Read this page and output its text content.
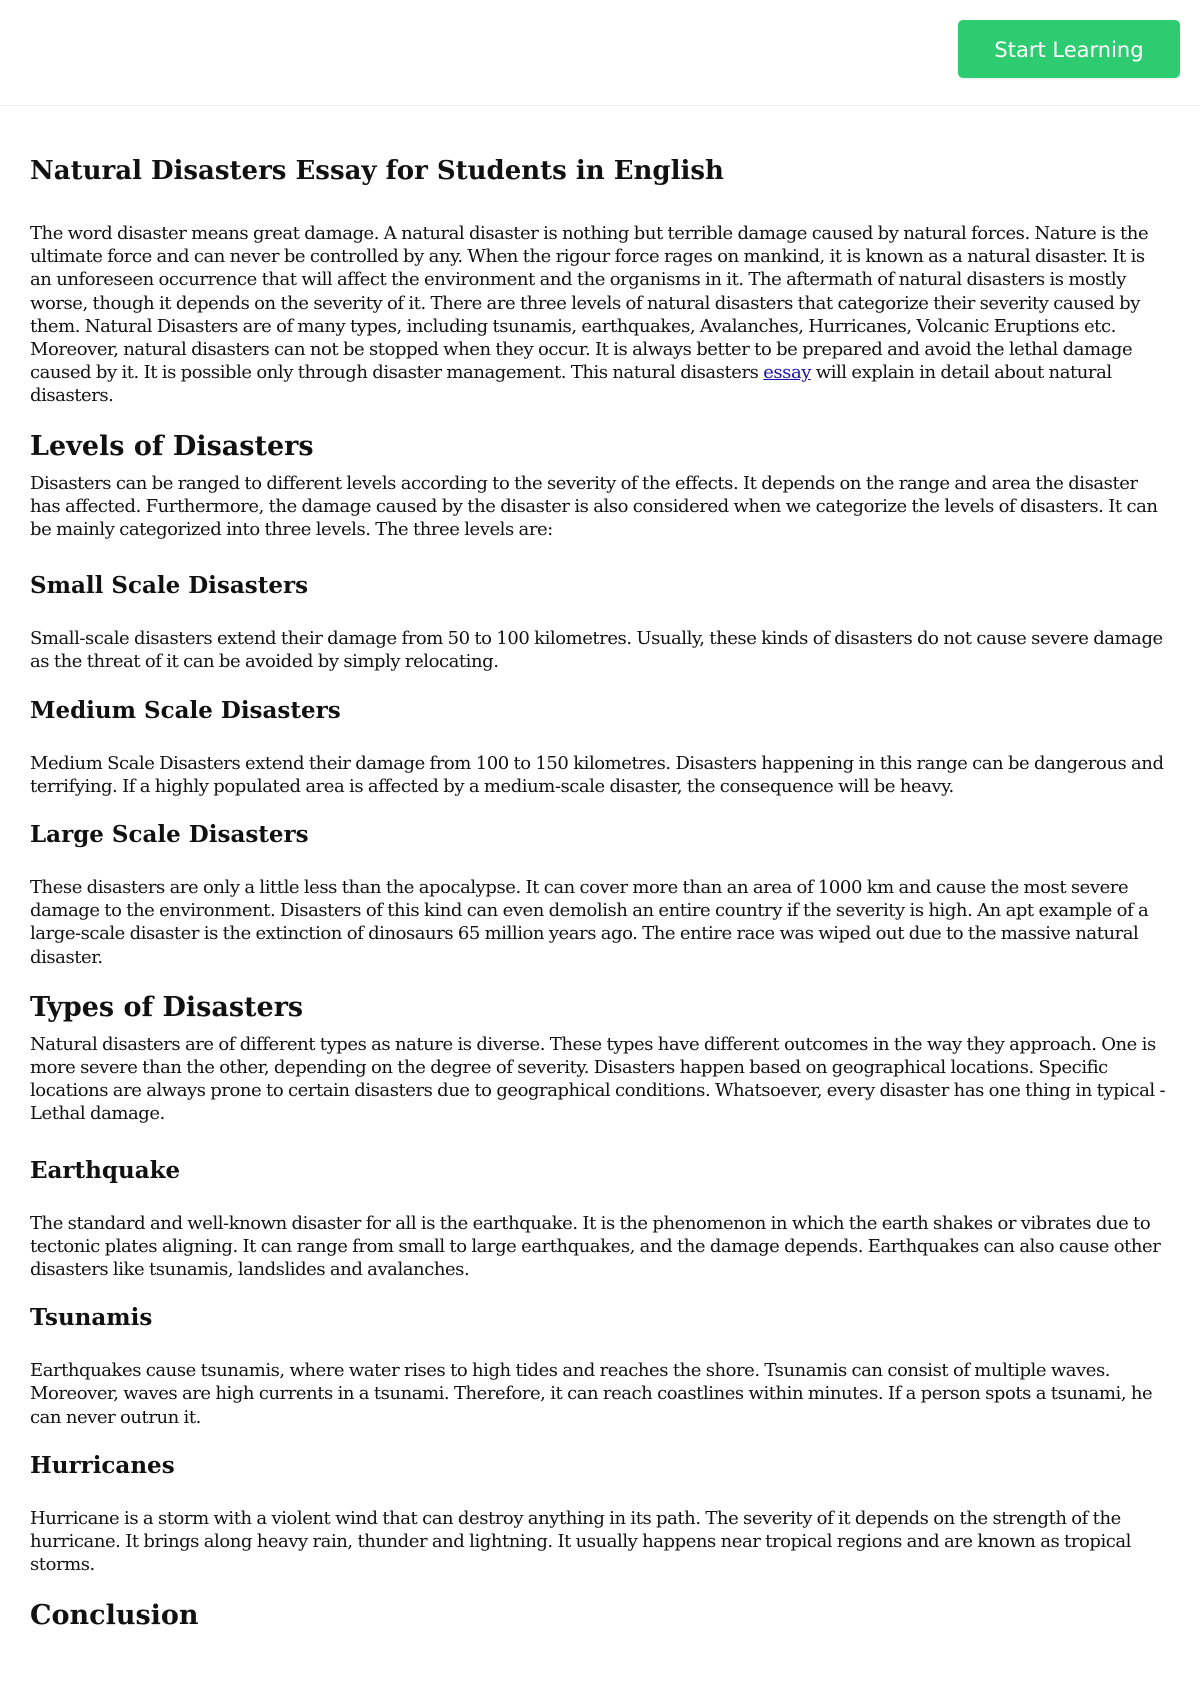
Start Learning
Natural Disasters Essay for Students in English

The word disaster means great damage. A natural disaster is nothing but terrible damage caused by natural forces. Nature is the ultimate force and can never be controlled by any. When the rigour force rages on mankind, it is known as a natural disaster. It is an unforeseen occurrence that will affect the environment and the organisms in it. The aftermath of natural disasters is mostly worse, though it depends on the severity of it. There are three levels of natural disasters that categorize their severity caused by them. Natural Disasters are of many types, including tsunamis, earthquakes, Avalanches, Hurricanes, Volcanic Eruptions etc. Moreover, natural disasters can not be stopped when they occur. It is always better to be prepared and avoid the lethal damage caused by it. It is possible only through disaster management. This natural disasters essay will explain in detail about natural disasters.

Levels of Disasters

Disasters can be ranged to different levels according to the severity of the effects. It depends on the range and area the disaster has affected. Furthermore, the damage caused by the disaster is also considered when we categorize the levels of disasters. It can be mainly categorized into three levels. The three levels are:

Small Scale Disasters

Small-scale disasters extend their damage from 50 to 100 kilometres. Usually, these kinds of disasters do not cause severe damage as the threat of it can be avoided by simply relocating.

Medium Scale Disasters

Medium Scale Disasters extend their damage from 100 to 150 kilometres. Disasters happening in this range can be dangerous and terrifying. If a highly populated area is affected by a medium-scale disaster, the consequence will be heavy.

Large Scale Disasters

These disasters are only a little less than the apocalypse. It can cover more than an area of 1000 km and cause the most severe damage to the environment. Disasters of this kind can even demolish an entire country if the severity is high. An apt example of a large-scale disaster is the extinction of dinosaurs 65 million years ago. The entire race was wiped out due to the massive natural disaster.

Types of Disasters

Natural disasters are of different types as nature is diverse. These types have different outcomes in the way they approach. One is more severe than the other, depending on the degree of severity. Disasters happen based on geographical locations. Specific locations are always prone to certain disasters due to geographical conditions. Whatsoever, every disaster has one thing in typical - Lethal damage.

Earthquake

The standard and well-known disaster for all is the earthquake. It is the phenomenon in which the earth shakes or vibrates due to tectonic plates aligning. It can range from small to large earthquakes, and the damage depends. Earthquakes can also cause other disasters like tsunamis, landslides and avalanches.

Tsunamis

Earthquakes cause tsunamis, where water rises to high tides and reaches the shore. Tsunamis can consist of multiple waves. Moreover, waves are high currents in a tsunami. Therefore, it can reach coastlines within minutes. If a person spots a tsunami, he can never outrun it.

Hurricanes

Hurricane is a storm with a violent wind that can destroy anything in its path. The severity of it depends on the strength of the hurricane. It brings along heavy rain, thunder and lightning. It usually happens near tropical regions and are known as tropical storms.

Conclusion
